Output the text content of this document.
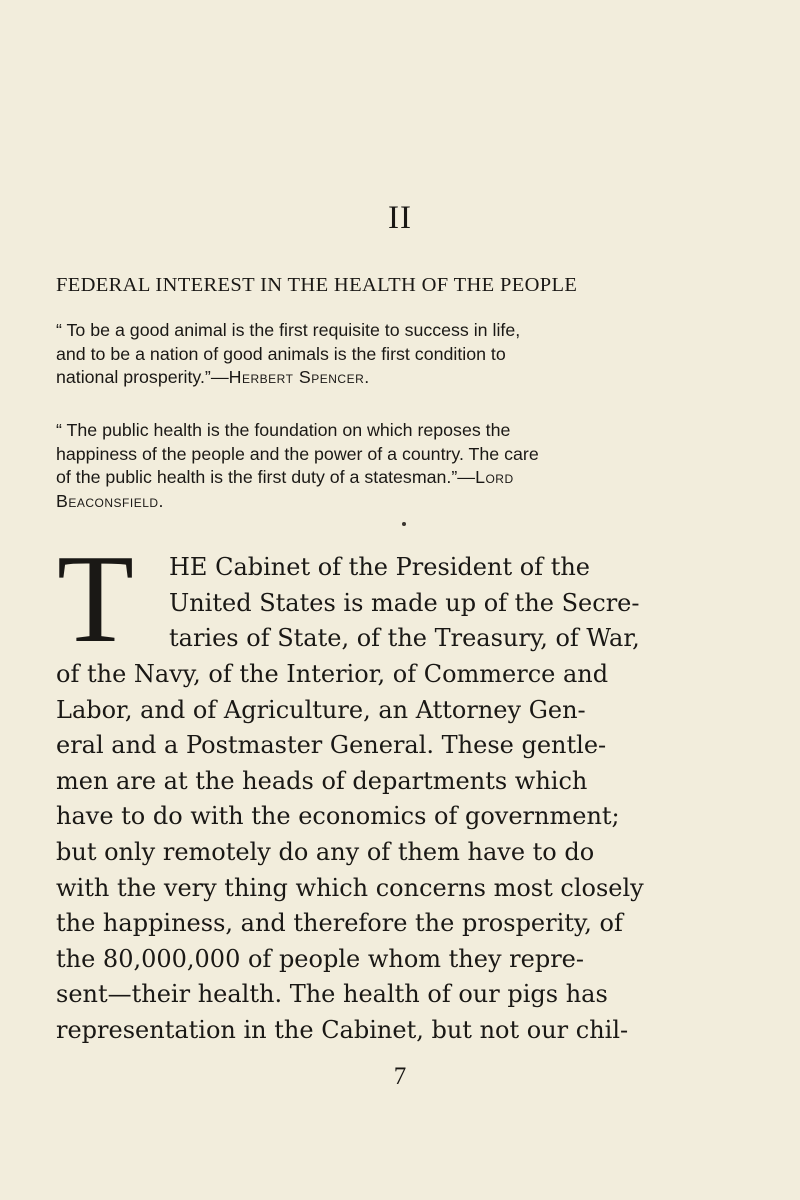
II
FEDERAL INTEREST IN THE HEALTH OF THE PEOPLE
“ To be a good animal is the first requisite to success in life,
and to be a nation of good animals is the first condition to
national prosperity.”—Herbert Spencer.
“ The public health is the foundation on which reposes the
happiness of the people and the power of a country. The care
of the public health is the first duty of a statesman.”—Lord
Beaconsfield.
T HE Cabinet of the President of the
United States is made up of the Secre-
taries of State, of the Treasury, of War,
of the Navy, of the Interior, of Commerce and
Labor, and of Agriculture, an Attorney Gen-
eral and a Postmaster General. These gentle-
men are at the heads of departments which
have to do with the economics of government;
but only remotely do any of them have to do
with the very thing which concerns most closely
the happiness, and therefore the prosperity, of
the 80,000,000 of people whom they repre-
sent—their health. The health of our pigs has
representation in the Cabinet, but not our chil-
7
